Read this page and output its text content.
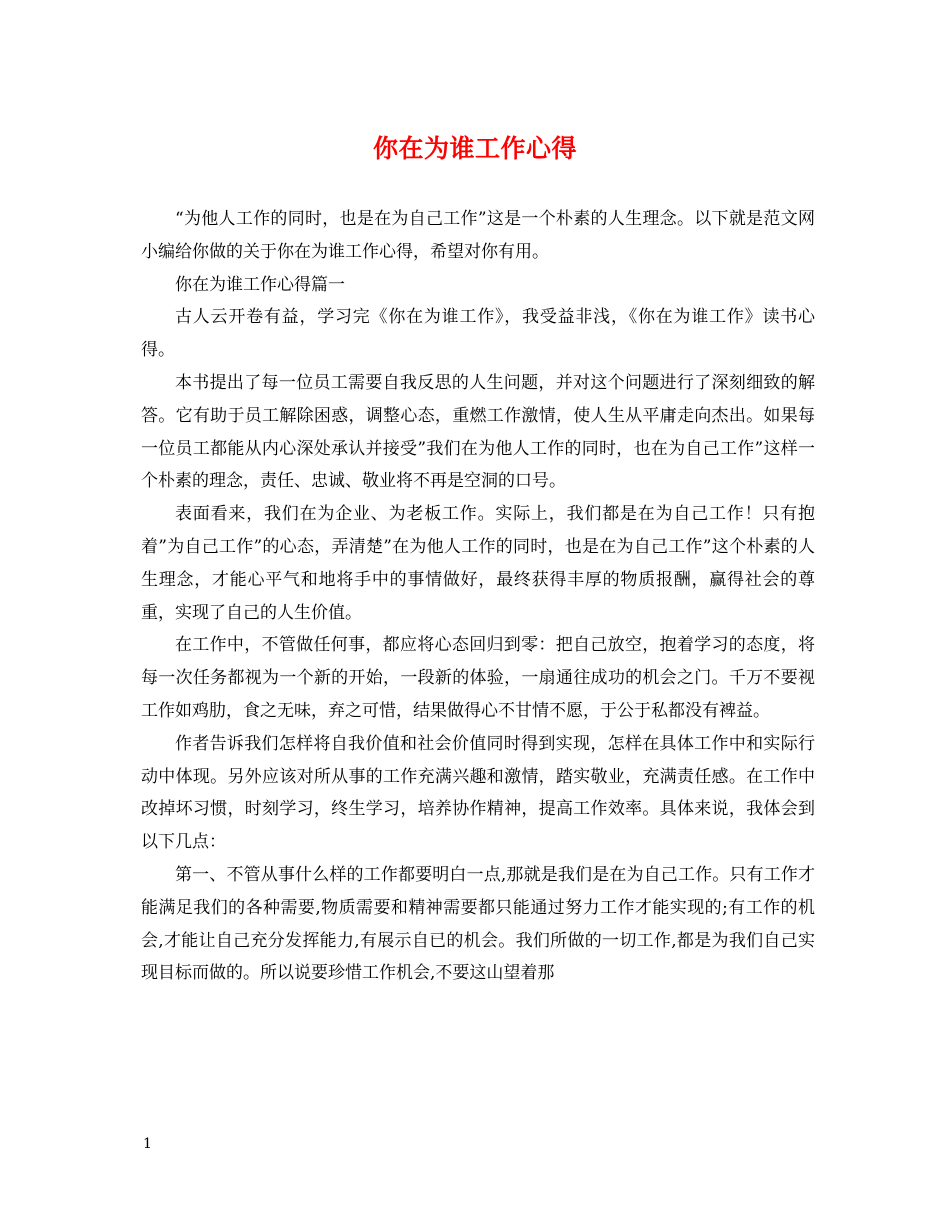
你在为谁工作心得

“为他人工作的同时，也是在为自己工作”这是一个朴素的人生理念。以下就是范文网小编给你做的关于你在为谁工作心得，希望对你有用。

你在为谁工作心得篇一

古人云开卷有益，学习完《你在为谁工作》，我受益非浅，《你在为谁工作》读书心得。

本书提出了每一位员工需要自我反思的人生问题，并对这个问题进行了深刻细致的解答。它有助于员工解除困惑，调整心态，重燃工作激情，使人生从平庸走向杰出。如果每一位员工都能从内心深处承认并接受”我们在为他人工作的同时，也在为自己工作”这样一个朴素的理念，责任、忠诚、敬业将不再是空洞的口号。

表面看来，我们在为企业、为老板工作。实际上，我们都是在为自己工作！只有抱着”为自己工作”的心态，弄清楚”在为他人工作的同时，也是在为自己工作”这个朴素的人生理念，才能心平气和地将手中的事情做好，最终获得丰厚的物质报酬，赢得社会的尊重，实现了自己的人生价值。

在工作中，不管做任何事，都应将心态回归到零：把自己放空，抱着学习的态度，将每一次任务都视为一个新的开始，一段新的体验，一扇通往成功的机会之门。千万不要视工作如鸡肋，食之无味，弃之可惜，结果做得心不甘情不愿，于公于私都没有裨益。

作者告诉我们怎样将自我价值和社会价值同时得到实现，怎样在具体工作中和实际行动中体现。另外应该对所从事的工作充满兴趣和激情，踏实敬业，充满责任感。在工作中改掉坏习惯，时刻学习，终生学习，培养协作精神，提高工作效率。具体来说，我体会到以下几点：

第一、不管从事什么样的工作都要明白一点,那就是我们是在为自己工作。只有工作才能满足我们的各种需要,物质需要和精神需要都只能通过努力工作才能实现的;有工作的机会,才能让自己充分发挥能力,有展示自已的机会。我们所做的一切工作,都是为我们自己实现目标而做的。所以说要珍惜工作机会,不要这山望着那

1
